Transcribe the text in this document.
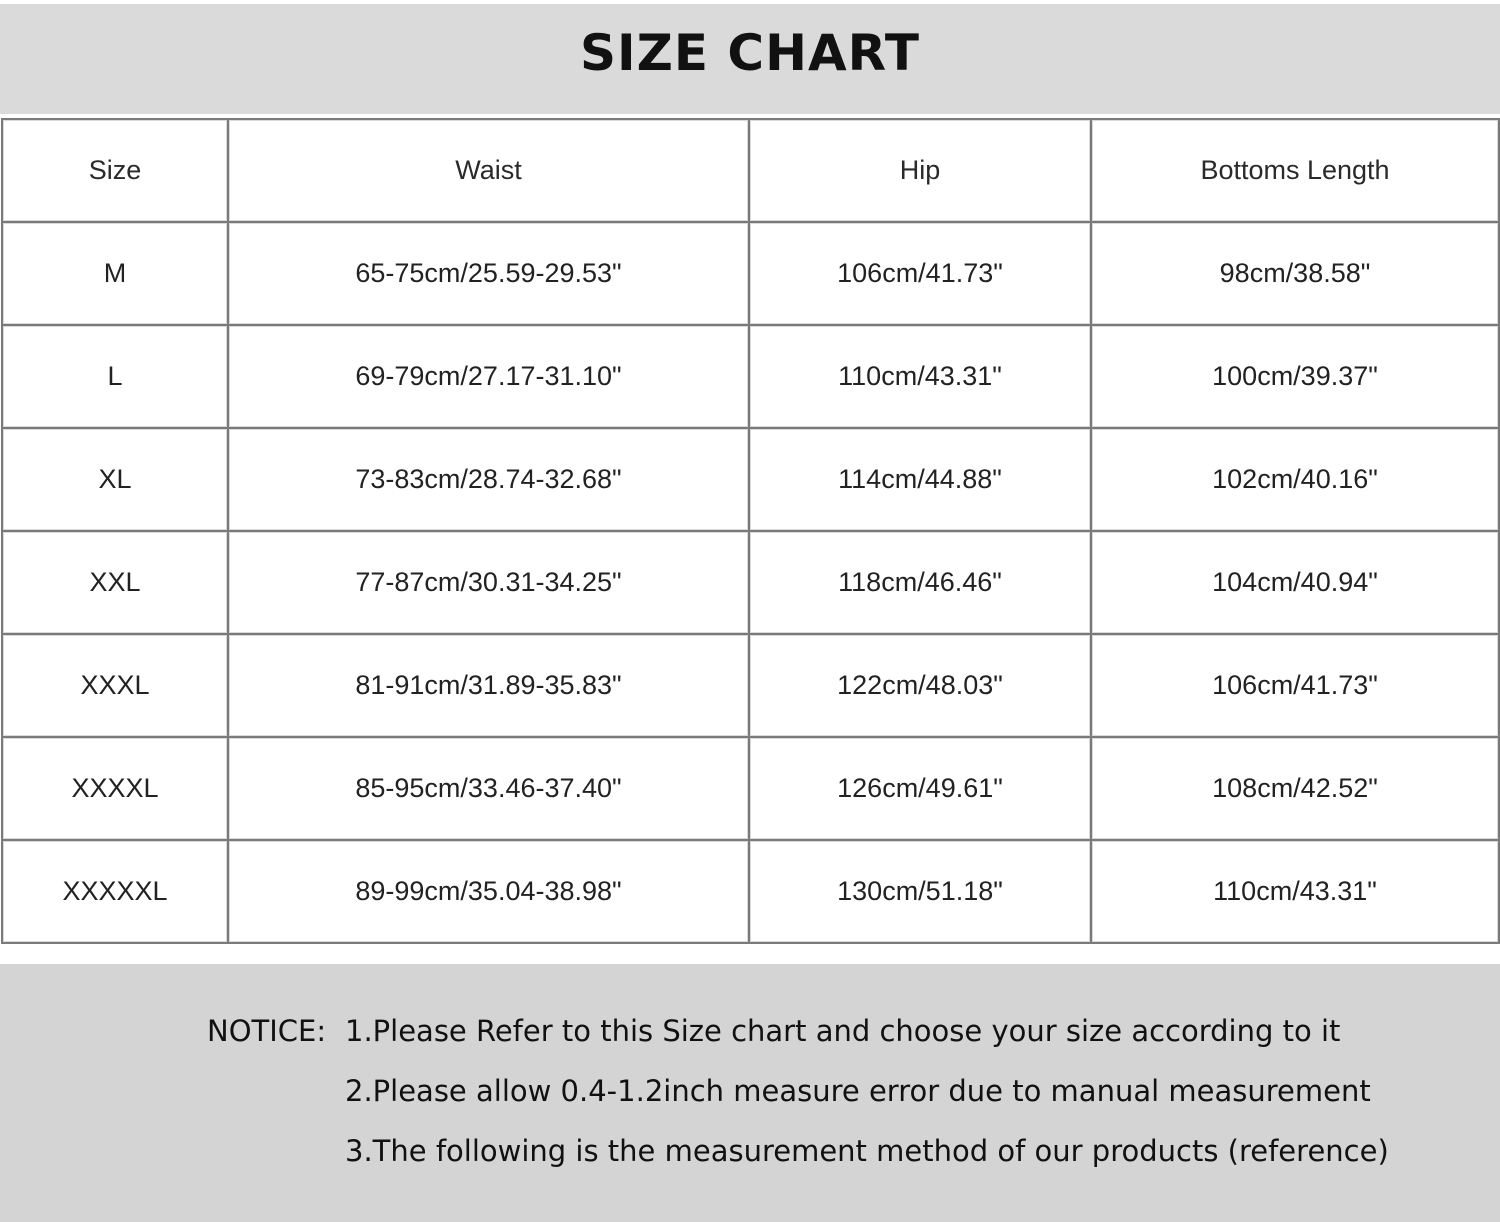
SIZE CHART
Size	Waist	Hip	Bottoms Length
M	65-75cm/25.59-29.53"	106cm/41.73"	98cm/38.58"
L	69-79cm/27.17-31.10"	110cm/43.31"	100cm/39.37"
XL	73-83cm/28.74-32.68"	114cm/44.88"	102cm/40.16"
XXL	77-87cm/30.31-34.25"	118cm/46.46"	104cm/40.94"
XXXL	81-91cm/31.89-35.83"	122cm/48.03"	106cm/41.73"
XXXXL	85-95cm/33.46-37.40"	126cm/49.61"	108cm/42.52"
XXXXXL	89-99cm/35.04-38.98"	130cm/51.18"	110cm/43.31"
NOTICE: 1.Please Refer to this Size chart and choose your size according to it
2.Please allow 0.4-1.2inch measure error due to manual measurement
3.The following is the measurement method of our products (reference)
